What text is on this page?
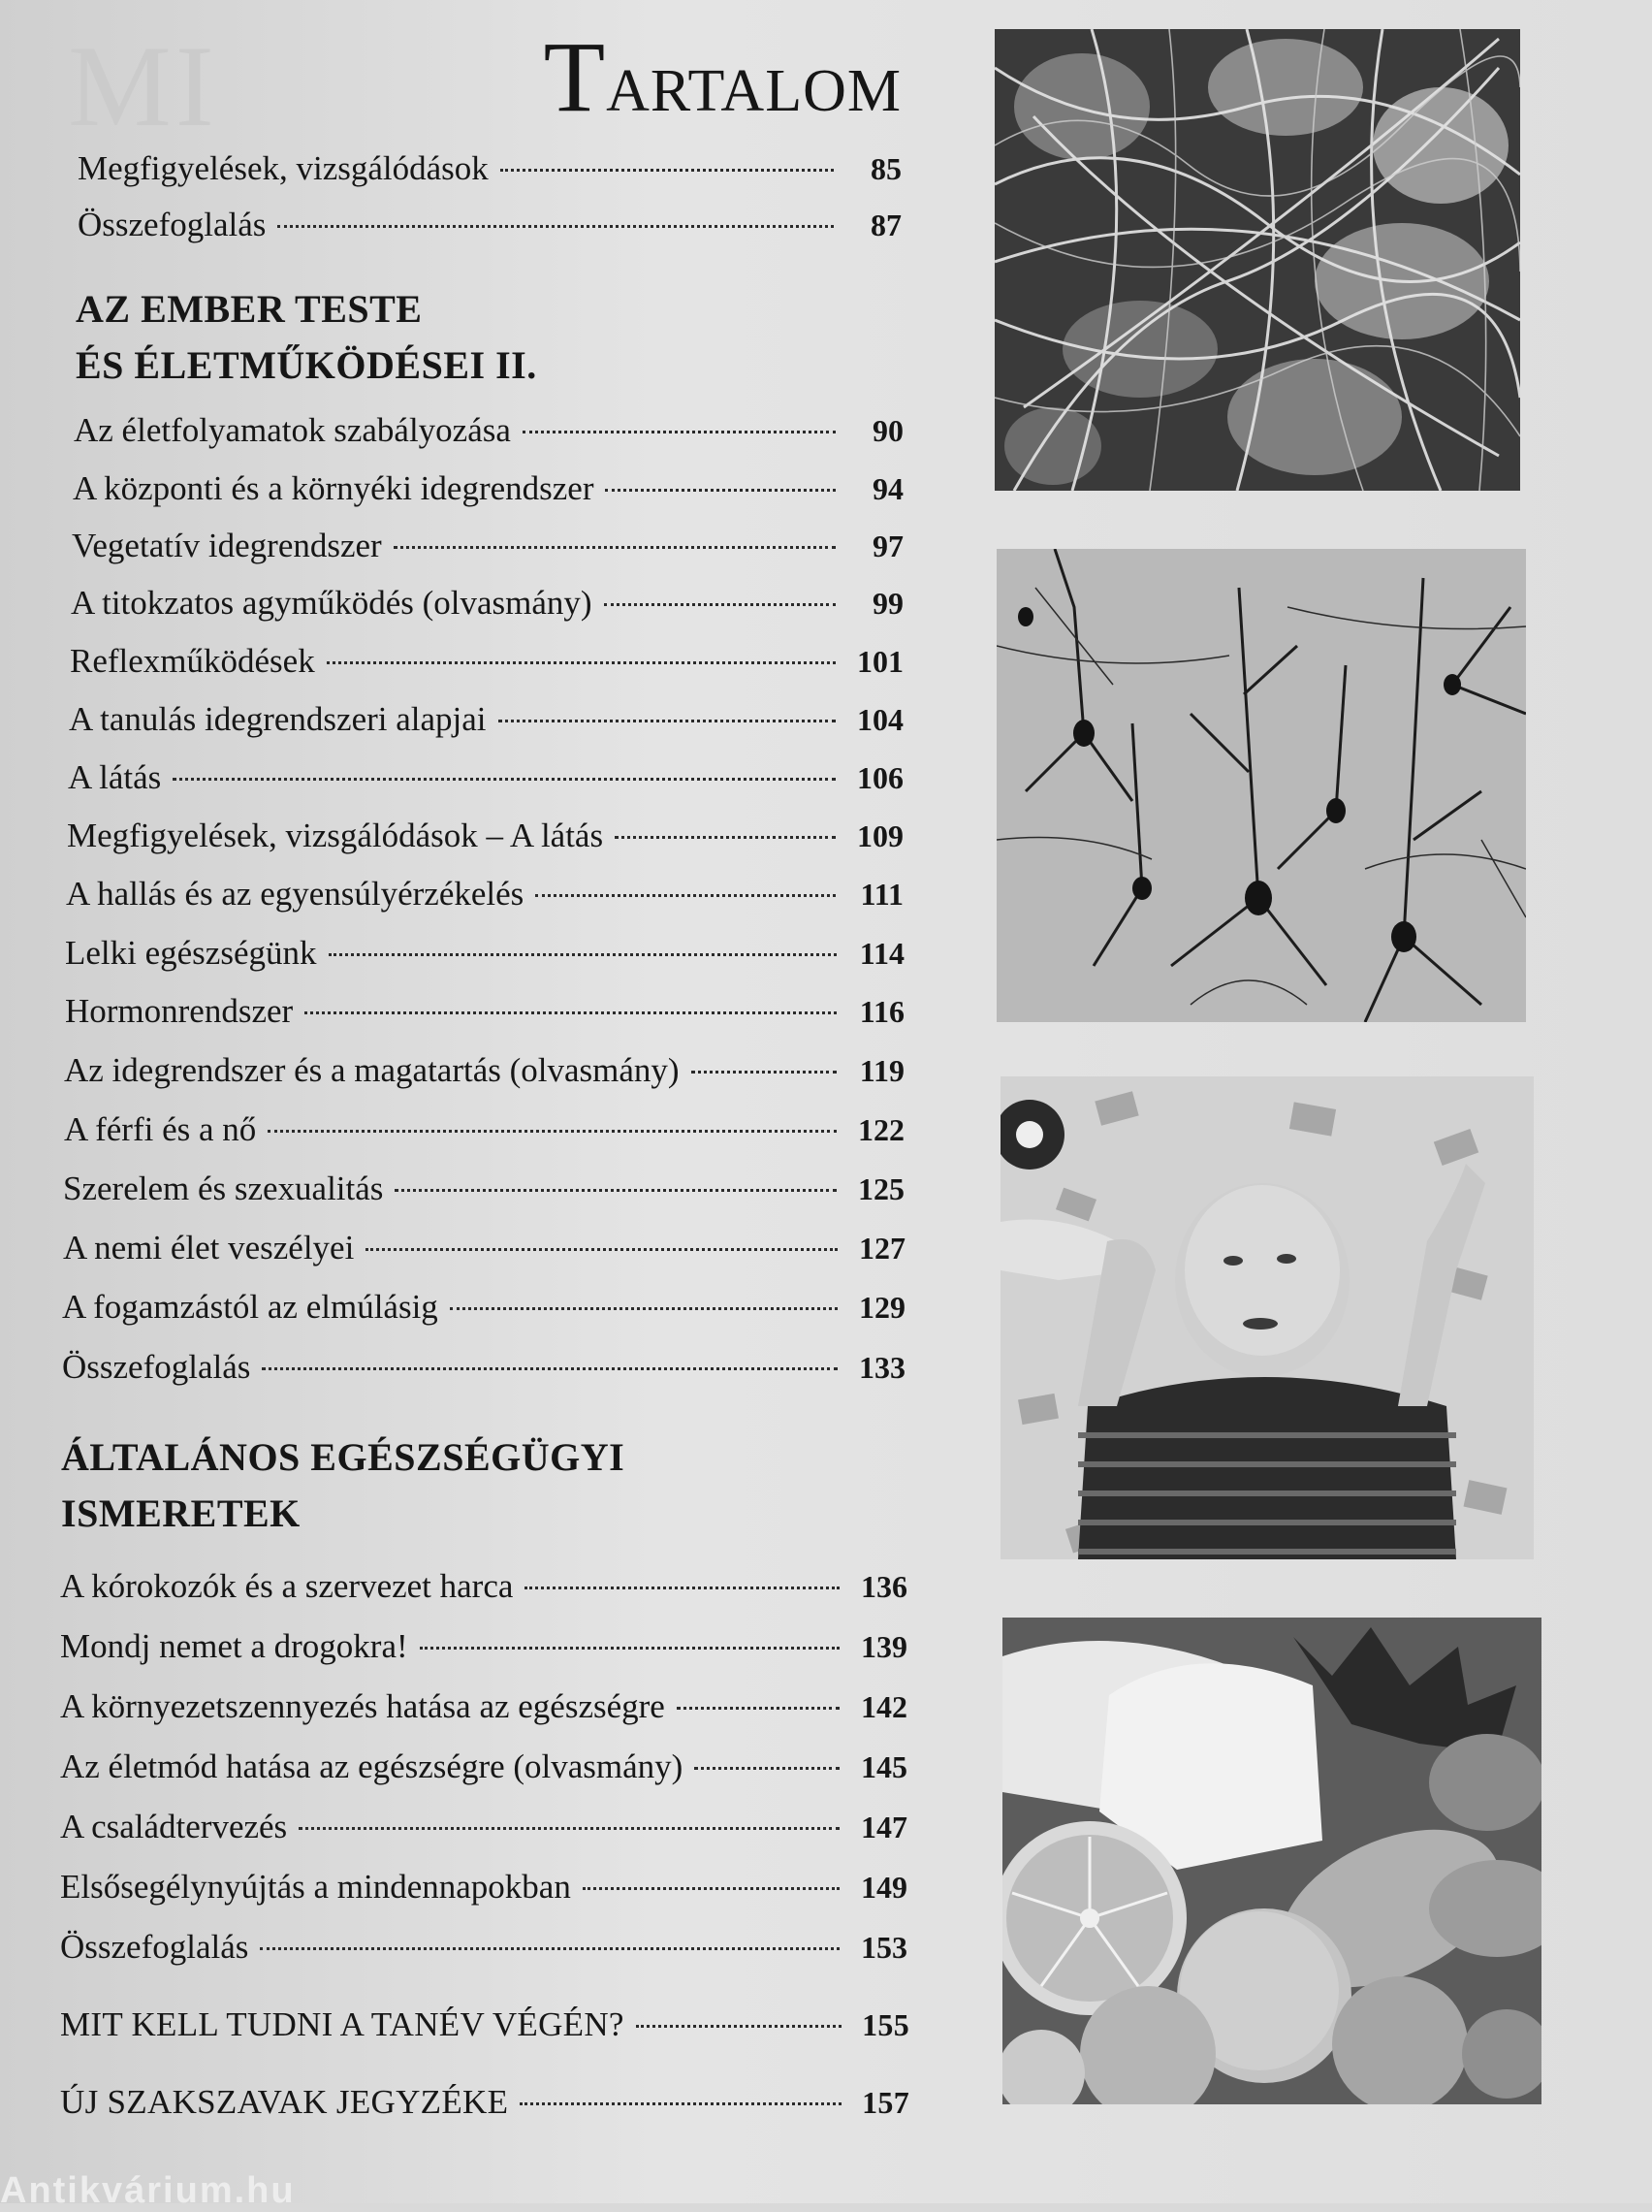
MI	TARTALOM
Megfigyelések, vizsgálódások	85
Összefoglalás	87
AZ EMBER TESTE
ÉS ÉLETMŰKÖDÉSEI II.
Az életfolyamatok szabályozása	90
A központi és a környéki idegrendszer	94
Vegetatív idegrendszer	97
A titokzatos agyműködés (olvasmány)	99
Reflexműködések	101
A tanulás idegrendszeri alapjai	104
A látás	106
Megfigyelések, vizsgálódások – A látás	109
A hallás és az egyensúlyérzékelés	111
Lelki egészségünk	114
Hormonrendszer	116
Az idegrendszer és a magatartás (olvasmány)	119
A férfi és a nő	122
Szerelem és szexualitás	125
A nemi élet veszélyei	127
A fogamzástól az elmúlásig	129
Összefoglalás	133
ÁLTALÁNOS EGÉSZSÉGÜGYI
ISMERETEK
A kórokozók és a szervezet harca	136
Mondj nemet a drogokra!	139
A környezetszennyezés hatása az egészségre	142
Az életmód hatása az egészségre (olvasmány)	145
A családtervezés	147
Elsősegélynyújtás a mindennapokban	149
Összefoglalás	153
MIT KELL TUDNI A TANÉV VÉGÉN?	155
ÚJ SZAKSZAVAK JEGYZÉKE	157
Antikvárium.hu
